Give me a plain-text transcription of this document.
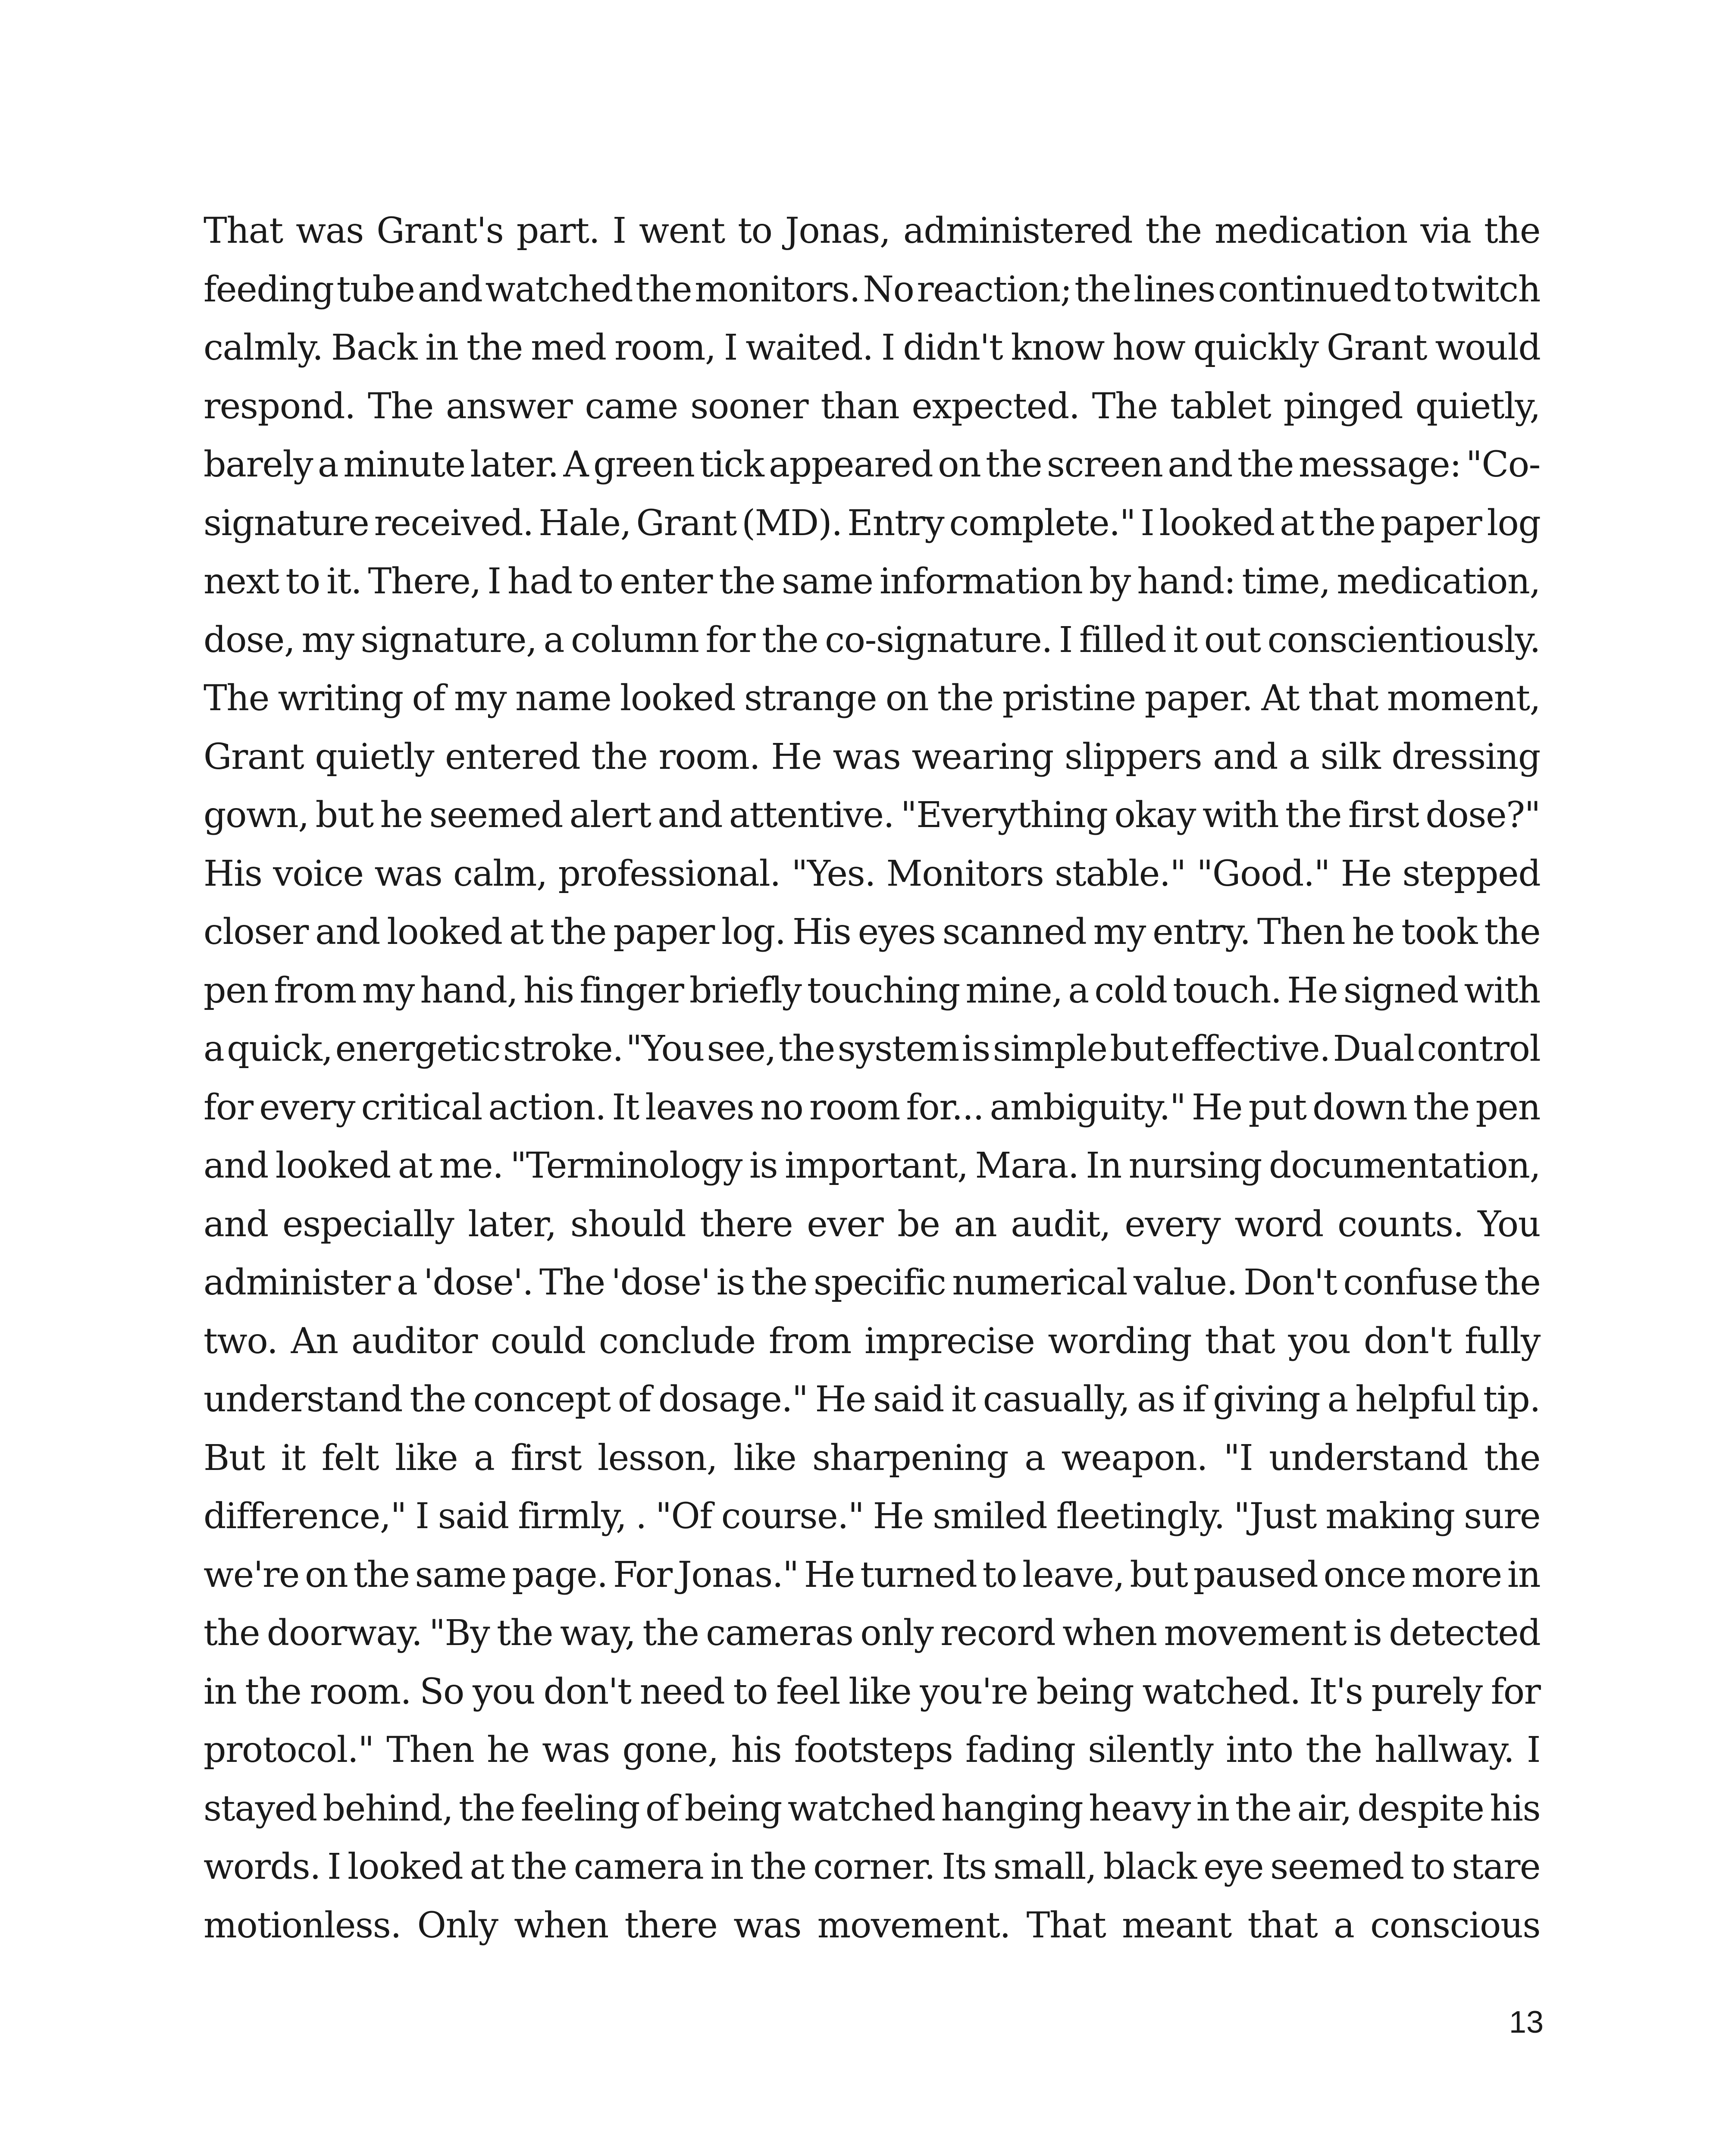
That was Grant's part. I went to Jonas, administered the medication via the
feeding tube and watched the monitors. No reaction; the lines continued to twitch
calmly. Back in the med room, I waited. I didn't know how quickly Grant would
respond. The answer came sooner than expected. The tablet pinged quietly,
barely a minute later. A green tick appeared on the screen and the message: "Co-
signature received. Hale, Grant (MD). Entry complete." I looked at the paper log
next to it. There, I had to enter the same information by hand: time, medication,
dose, my signature, a column for the co-signature. I filled it out conscientiously.
The writing of my name looked strange on the pristine paper. At that moment,
Grant quietly entered the room. He was wearing slippers and a silk dressing
gown, but he seemed alert and attentive. "Everything okay with the first dose?"
His voice was calm, professional. "Yes. Monitors stable." "Good." He stepped
closer and looked at the paper log. His eyes scanned my entry. Then he took the
pen from my hand, his finger briefly touching mine, a cold touch. He signed with
a quick, energetic stroke. "You see, the system is simple but effective. Dual control
for every critical action. It leaves no room for... ambiguity." He put down the pen
and looked at me. "Terminology is important, Mara. In nursing documentation,
and especially later, should there ever be an audit, every word counts. You
administer a 'dose'. The 'dose' is the specific numerical value. Don't confuse the
two. An auditor could conclude from imprecise wording that you don't fully
understand the concept of dosage." He said it casually, as if giving a helpful tip.
But it felt like a first lesson, like sharpening a weapon. "I understand the
difference," I said firmly, . "Of course." He smiled fleetingly. "Just making sure
we're on the same page. For Jonas." He turned to leave, but paused once more in
the doorway. "By the way, the cameras only record when movement is detected
in the room. So you don't need to feel like you're being watched. It's purely for
protocol." Then he was gone, his footsteps fading silently into the hallway. I
stayed behind, the feeling of being watched hanging heavy in the air, despite his
words. I looked at the camera in the corner. Its small, black eye seemed to stare
motionless. Only when there was movement. That meant that a conscious

13
